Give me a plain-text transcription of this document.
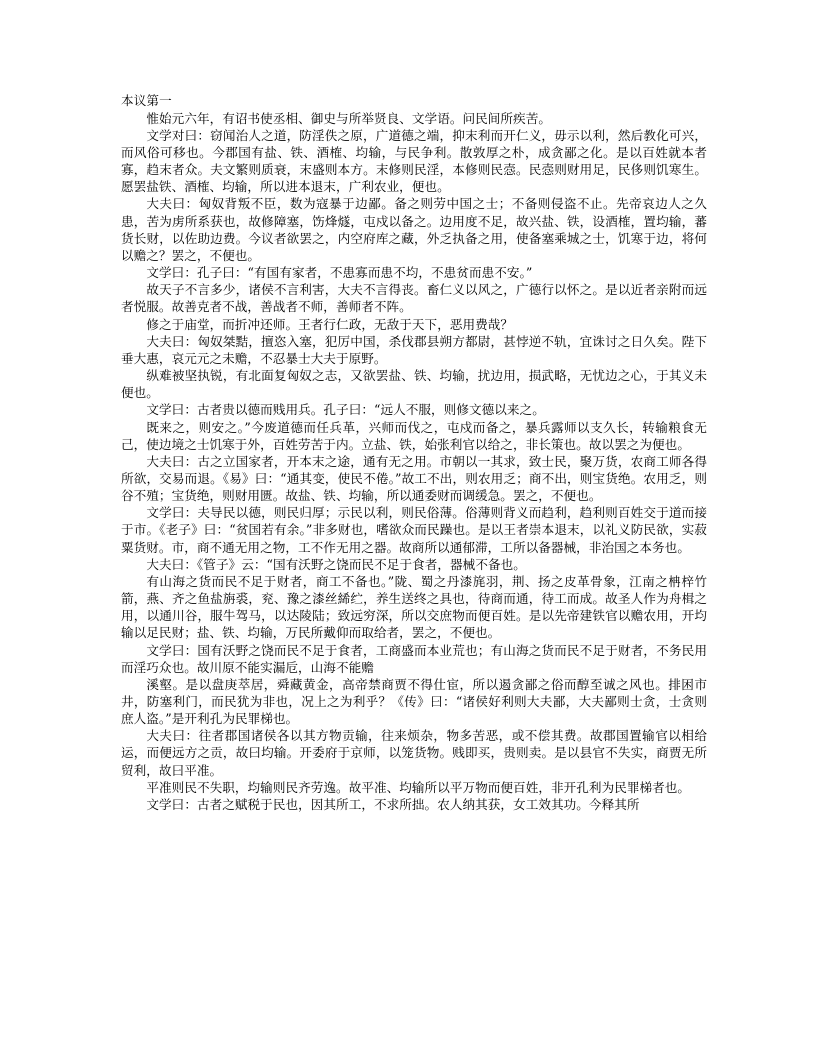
本议第一

惟始元六年，有诏书使丞相、御史与所举贤良、文学语。问民间所疾苦。

文学对曰：窃闻治人之道，防淫佚之原，广道德之端，抑末利而开仁义，毋示以利，然后教化可兴，而风俗可移也。今郡国有盐、铁、酒榷、均输，与民争利。散敦厚之朴，成贪鄙之化。是以百姓就本者寡，趋末者众。夫文繁则质衰，末盛则本方。末修则民淫，本修则民悫。民悫则财用足，民侈则饥寒生。愿罢盐铁、酒榷、均输，所以进本退末，广利农业，便也。

大夫曰：匈奴背叛不臣，数为寇暴于边鄙。备之则劳中国之士；不备则侵盗不止。先帝哀边人之久患，苦为虏所系获也，故修障塞，饬烽燧，屯戍以备之。边用度不足，故兴盐、铁，设酒榷，置均输，蕃货长财，以佐助边费。今议者欲罢之，内空府库之藏，外乏执备之用，使备塞乘城之士，饥寒于边，将何以赡之？罢之，不便也。

文学曰：孔子曰：“有国有家者，不患寡而患不均，不患贫而患不安。”

故天子不言多少，诸侯不言利害，大夫不言得丧。畜仁义以风之，广德行以怀之。是以近者亲附而远者悦服。故善克者不战，善战者不师，善师者不阵。

修之于庙堂，而折冲还师。王者行仁政，无敌于天下，恶用费哉？

大夫曰：匈奴桀黠，擅恣入塞，犯厉中国，杀伐郡县朔方都尉，甚悖逆不轨，宜诛讨之日久矣。陛下垂大惠，哀元元之未赡，不忍暴士大夫于原野。

纵难被坚执锐，有北面复匈奴之志，又欲罢盐、铁、均输，扰边用，损武略，无忧边之心，于其义未便也。

文学曰：古者贵以德而贱用兵。孔子曰：“远人不服，则修文德以来之。

既来之，则安之。”今废道德而任兵革，兴师而伐之，屯戍而备之，暴兵露师以支久长，转输粮食无己，使边境之士饥寒于外，百姓劳苦于内。立盐、铁，始张利官以给之，非长策也。故以罢之为便也。

大夫曰：古之立国家者，开本末之途，通有无之用。市朝以一其求，致士民，聚万货，农商工师各得所欲，交易而退。《易》曰：“通其变，使民不倦。”故工不出，则农用乏；商不出，则宝货绝。农用乏，则谷不殖；宝货绝，则财用匮。故盐、铁、均输，所以通委财而调缓急。罢之，不便也。

文学曰：夫导民以德，则民归厚；示民以利，则民俗薄。俗薄则背义而趋利，趋利则百姓交于道而接于市。《老子》曰：“贫国若有余。”非多财也，嗜欲众而民躁也。是以王者崇本退末，以礼义防民欲，实菽粟货财。市，商不通无用之物，工不作无用之器。故商所以通郁滞，工所以备器械，非治国之本务也。

大夫曰：《管子》云：“国有沃野之饶而民不足于食者，器械不备也。

有山海之货而民不足于财者，商工不备也。”陇、蜀之丹漆旄羽，荆、扬之皮革骨象，江南之柟梓竹箭，燕、齐之鱼盐旃裘，兖、豫之漆丝絺纻，养生送终之具也，待商而通，待工而成。故圣人作为舟楫之用，以通川谷，服牛驾马，以达陵陆；致远穷深，所以交庶物而便百姓。是以先帝建铁官以赡农用，开均输以足民财；盐、铁、均输，万民所戴仰而取给者，罢之，不便也。

文学曰：国有沃野之饶而民不足于食者，工商盛而本业荒也；有山海之货而民不足于财者，不务民用而淫巧众也。故川原不能实漏卮，山海不能赡

溪壑。是以盘庚萃居，舜藏黄金，高帝禁商贾不得仕宦，所以遏贪鄙之俗而醇至诚之风也。排困市井，防塞利门，而民犹为非也，况上之为利乎？《传》曰：“诸侯好利则大夫鄙，大夫鄙则士贪，士贪则庶人盗。”是开利孔为民罪梯也。

大夫曰：往者郡国诸侯各以其方物贡输，往来烦杂，物多苦恶，或不偿其费。故郡国置输官以相给运，而便远方之贡，故曰均输。开委府于京师，以笼货物。贱即买，贵则卖。是以县官不失实，商贾无所贸利，故曰平准。

平准则民不失职，均输则民齐劳逸。故平准、均输所以平万物而便百姓，非开孔利为民罪梯者也。

文学曰：古者之赋税于民也，因其所工，不求所拙。农人纳其获，女工效其功。今释其所
